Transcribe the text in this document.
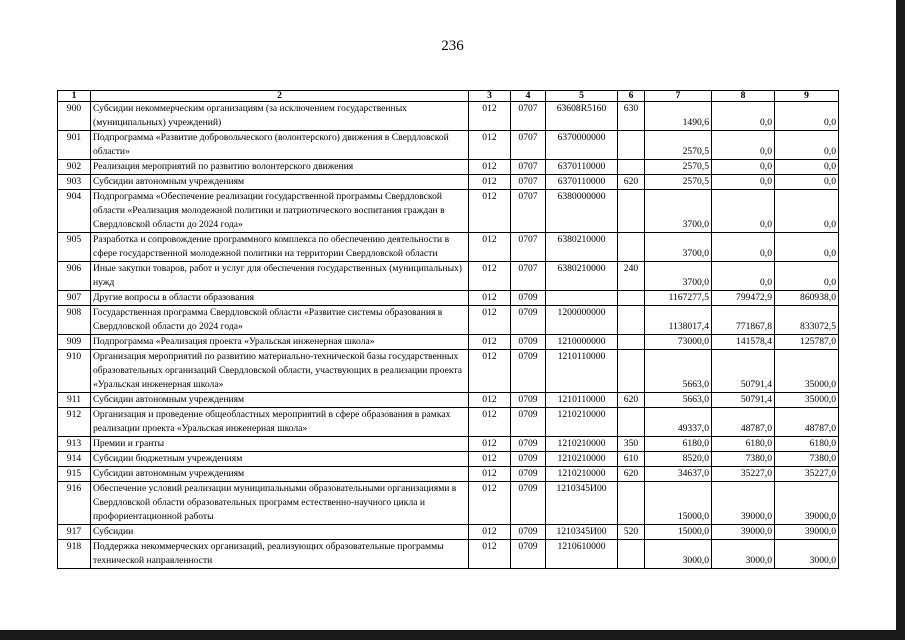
236
1	2	3	4	5	6	7	8	9
900	Субсидии некоммерческим организациям (за исключением государственных (муниципальных) учреждений)	012	0707	63608R5160	630	1490,6	0,0	0,0
901	Подпрограмма «Развитие добровольческого (волонтерского) движения в Свердловской области»	012	0707	6370000000		2570,5	0,0	0,0
902	Реализация мероприятий по развитию волонтерского движения	012	0707	6370110000		2570,5	0,0	0,0
903	Субсидии автономным учреждениям	012	0707	6370110000	620	2570,5	0,0	0,0
904	Подпрограмма «Обеспечение реализации государственной программы Свердловской области «Реализация молодежной политики и патриотического воспитания граждан в Свердловской области до 2024 года»	012	0707	6380000000		3700,0	0,0	0,0
905	Разработка и сопровождение программного комплекса по обеспечению деятельности в сфере государственной молодежной политики на территории Свердловской области	012	0707	6380210000		3700,0	0,0	0,0
906	Иные закупки товаров, работ и услуг для обеспечения государственных (муниципальных) нужд	012	0707	6380210000	240	3700,0	0,0	0,0
907	Другие вопросы в области образования	012	0709			1167277,5	799472,9	860938,0
908	Государственная программа Свердловской области «Развитие системы образования в Свердловской области до 2024 года»	012	0709	1200000000		1138017,4	771867,8	833072,5
909	Подпрограмма «Реализация проекта «Уральская инженерная школа»	012	0709	1210000000		73000,0	141578,4	125787,0
910	Организация мероприятий по развитию материально-технической базы государственных образовательных организаций Свердловской области, участвующих в реализации проекта «Уральская инженерная школа»	012	0709	1210110000		5663,0	50791,4	35000,0
911	Субсидии автономным учреждениям	012	0709	1210110000	620	5663,0	50791,4	35000,0
912	Организация и проведение общеобластных мероприятий в сфере образования в рамках реализации проекта «Уральская инженерная школа»	012	0709	1210210000		49337,0	48787,0	48787,0
913	Премии и гранты	012	0709	1210210000	350	6180,0	6180,0	6180,0
914	Субсидии бюджетным учреждениям	012	0709	1210210000	610	8520,0	7380,0	7380,0
915	Субсидии автономным учреждениям	012	0709	1210210000	620	34637,0	35227,0	35227,0
916	Обеспечение условий реализации муниципальными образовательными организациями в Свердловской области образовательных программ естественно-научного цикла и профориентационной работы	012	0709	1210345И00		15000,0	39000,0	39000,0
917	Субсидии	012	0709	1210345И00	520	15000,0	39000,0	39000,0
918	Поддержка некоммерческих организаций, реализующих образовательные программы технической направленности	012	0709	1210610000		3000,0	3000,0	3000,0
